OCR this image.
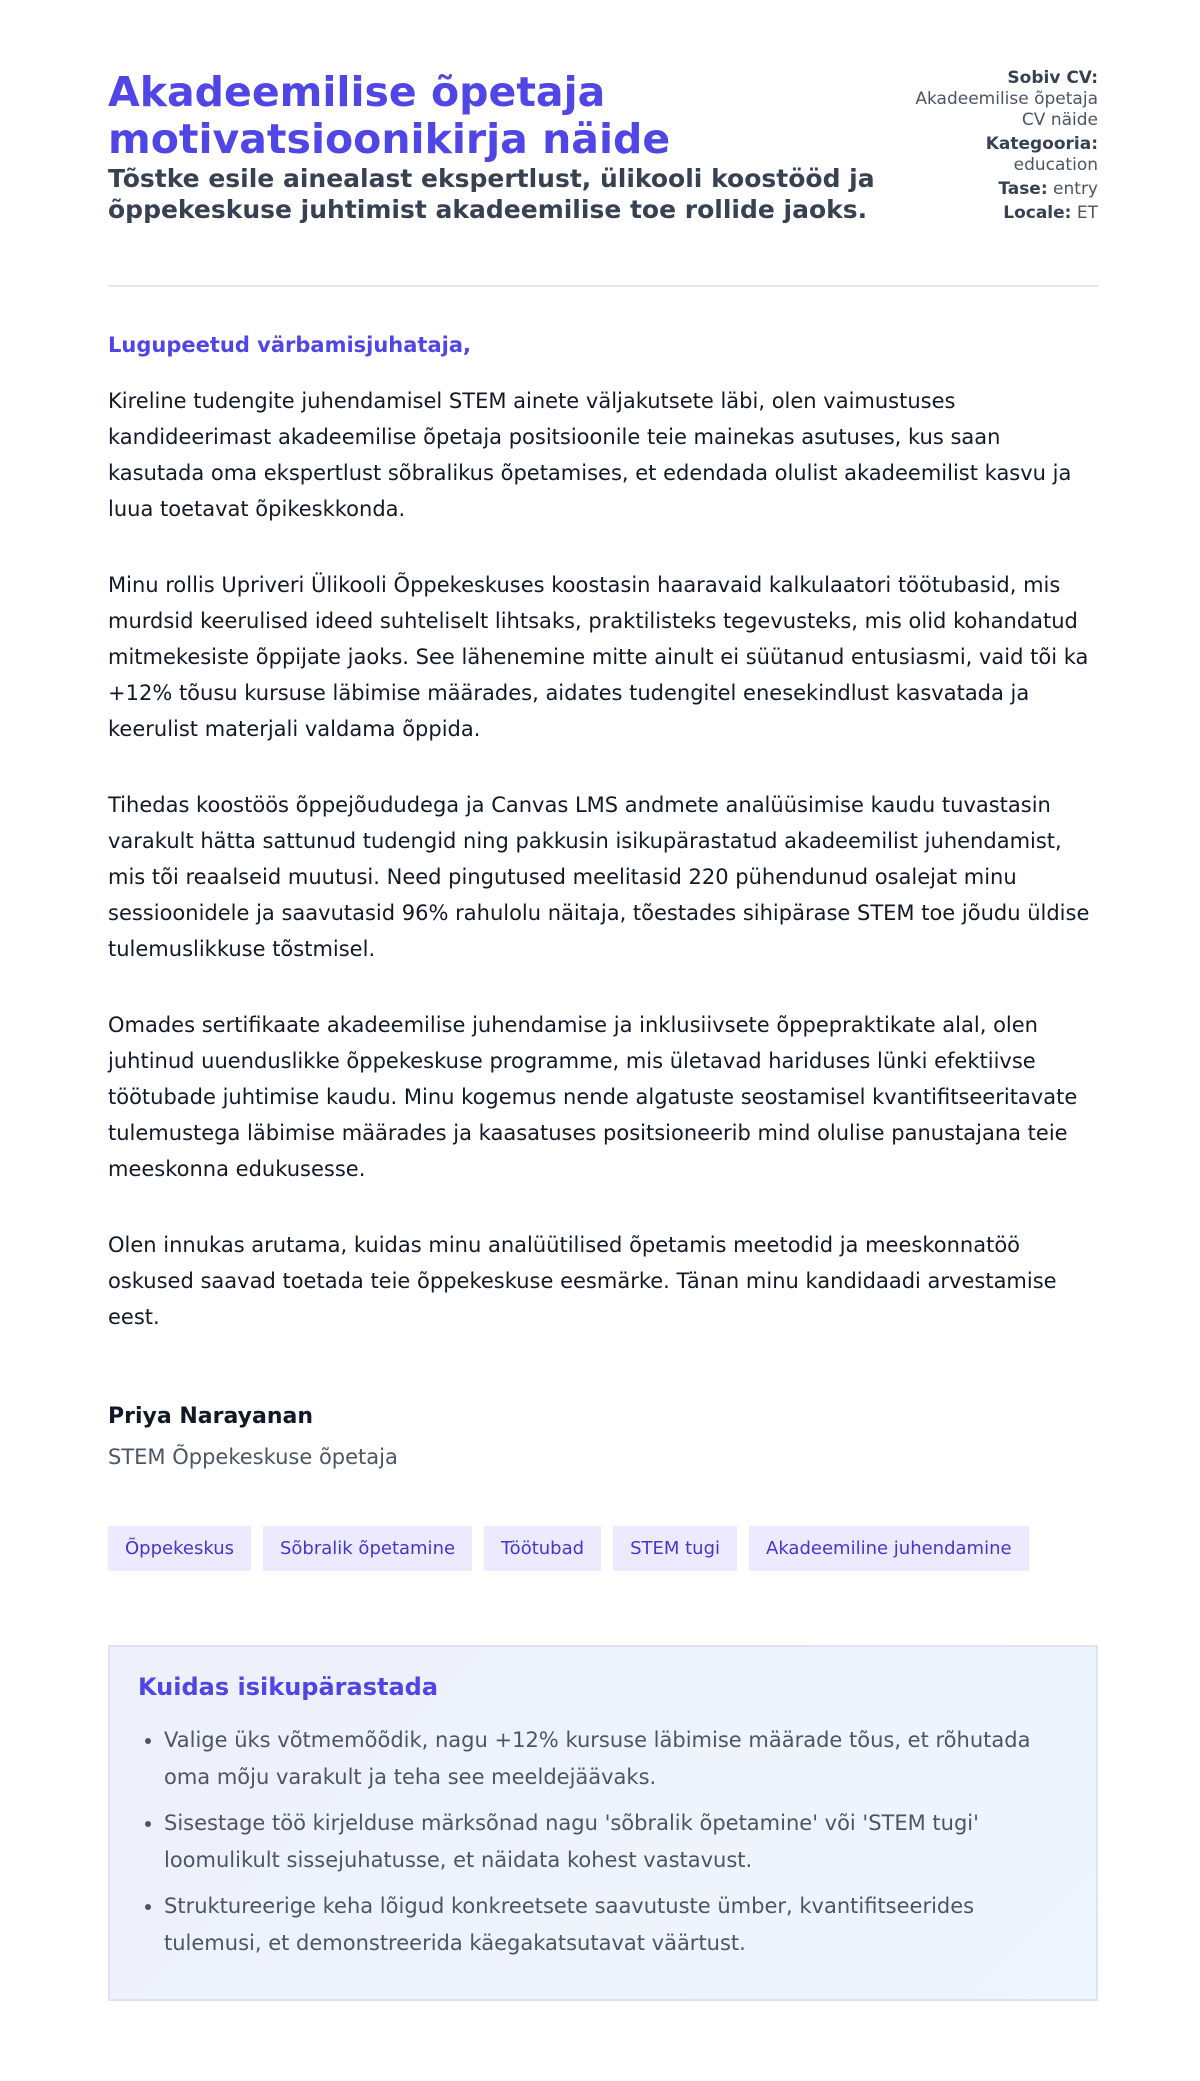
Akadeemilise õpetaja motivatsioonikirja näide
Tõstke esile ainealast ekspertlust, ülikooli koostööd ja õppekeskuse juhtimist akadeemilise toe rollide jaoks.
Sobiv CV: Akadeemilise õpetaja CV näide
Kategooria: education
Tase: entry
Locale: ET

Lugupeetud värbamisjuhataja,

Kireline tudengite juhendamisel STEM ainete väljakutsete läbi, olen vaimustuses kandideerimast akadeemilise õpetaja positsioonile teie mainekas asutuses, kus saan kasutada oma ekspertlust sõbralikus õpetamises, et edendada olulist akadeemilist kasvu ja luua toetavat õpikeskkonda.

Minu rollis Upriveri Ülikooli Õppekeskuses koostasin haaravaid kalkulaatori töötubasid, mis murdsid keerulised ideed suhteliselt lihtsaks, praktilisteks tegevusteks, mis olid kohandatud mitmekesiste õppijate jaoks. See lähenemine mitte ainult ei süütanud entusiasmi, vaid tõi ka +12% tõusu kursuse läbimise määrades, aidates tudengitel enesekindlust kasvatada ja keerulist materjali valdama õppida.

Tihedas koostöös õppejõududega ja Canvas LMS andmete analüüsimise kaudu tuvastasin varakult hätta sattunud tudengid ning pakkusin isikupärastatud akadeemilist juhendamist, mis tõi reaalseid muutusi. Need pingutused meelitasid 220 pühendunud osalejat minu sessioonidele ja saavutasid 96% rahulolu näitaja, tõestades sihipärase STEM toe jõudu üldise tulemuslikkuse tõstmisel.

Omades sertifikaate akadeemilise juhendamise ja inklusiivsete õppepraktikate alal, olen juhtinud uuenduslikke õppekeskuse programme, mis ületavad hariduses lünki efektiivse töötubade juhtimise kaudu. Minu kogemus nende algatuste seostamisel kvantifitseeritavate tulemustega läbimise määrades ja kaasatuses positsioneerib mind olulise panustajana teie meeskonna edukusesse.

Olen innukas arutama, kuidas minu analüütilised õpetamis meetodid ja meeskonnatöö oskused saavad toetada teie õppekeskuse eesmärke. Tänan minu kandidaadi arvestamise eest.

Priya Narayanan

STEM Õppekeskuse õpetaja

Õppekeskus	Sõbralik õpetamine	Töötubad	STEM tugi	Akadeemiline juhendamine
Kuidas isikupärastada
• Valige üks võtmemõõdik, nagu +12% kursuse läbimise määrade tõus, et rõhutada oma mõju varakult ja teha see meeldejäävaks.
• Sisestage töö kirjelduse märksõnad nagu 'sõbralik õpetamine' või 'STEM tugi' loomulikult sissejuhatusse, et näidata kohest vastavust.
• Struktureerige keha lõigud konkreetsete saavutuste ümber, kvantifitseerides tulemusi, et demonstreerida käegakatsutavat väärtust.
